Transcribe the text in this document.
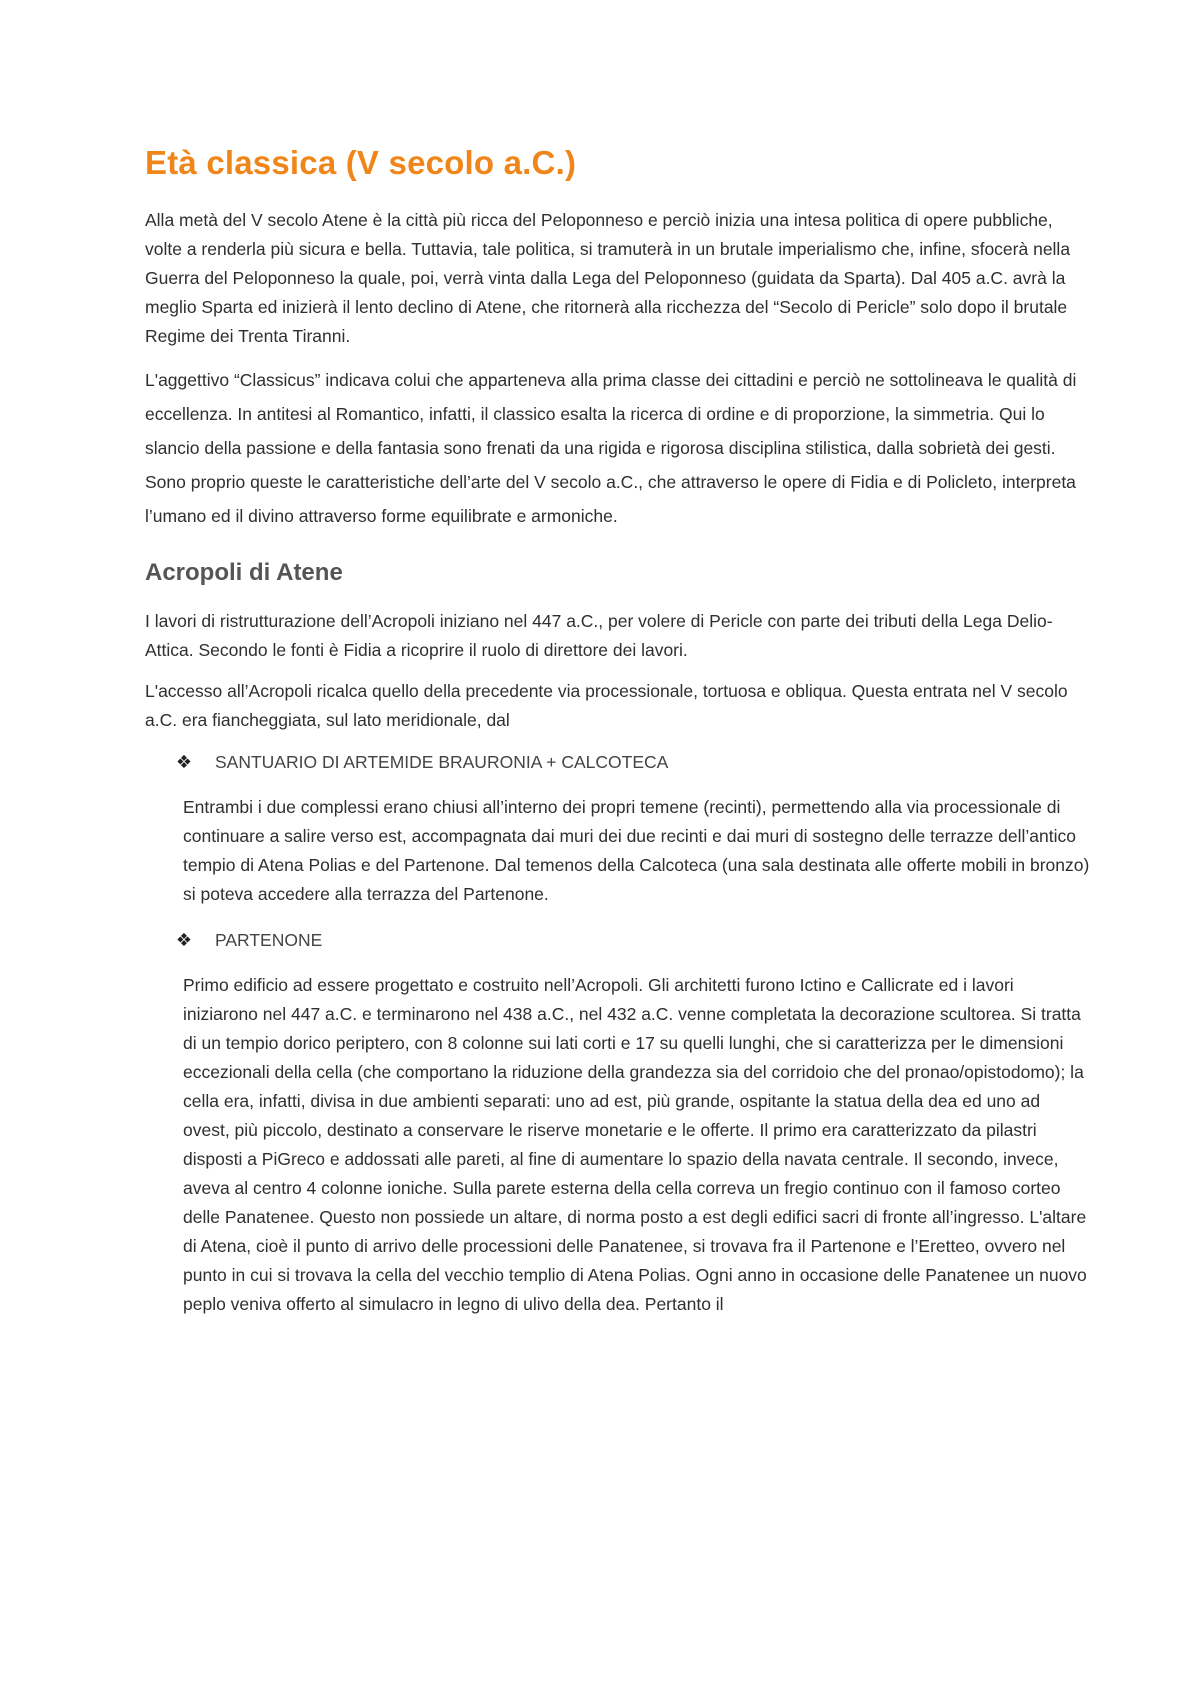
Età classica (V secolo a.C.)

Alla metà del V secolo Atene è la città più ricca del Peloponneso e perciò inizia una intesa politica di opere pubbliche, volte a renderla più sicura e bella. Tuttavia, tale politica, si tramuterà in un brutale imperialismo che, infine, sfocerà nella Guerra del Peloponneso la quale, poi, verrà vinta dalla Lega del Peloponneso (guidata da Sparta). Dal 405 a.C. avrà la meglio Sparta ed inizierà il lento declino di Atene, che ritornerà alla ricchezza del “Secolo di Pericle” solo dopo il brutale Regime dei Trenta Tiranni.

L'aggettivo “Classicus” indicava colui che apparteneva alla prima classe dei cittadini e perciò ne sottolineava le qualità di eccellenza. In antitesi al Romantico, infatti, il classico esalta la ricerca di ordine e di proporzione, la simmetria. Qui lo slancio della passione e della fantasia sono frenati da una rigida e rigorosa disciplina stilistica, dalla sobrietà dei gesti. Sono proprio queste le caratteristiche dell’arte del V secolo a.C., che attraverso le opere di Fidia e di Policleto, interpreta l’umano ed il divino attraverso forme equilibrate e armoniche.

Acropoli di Atene

I lavori di ristrutturazione dell’Acropoli iniziano nel 447 a.C., per volere di Pericle con parte dei tributi della Lega Delio-Attica. Secondo le fonti è Fidia a ricoprire il ruolo di direttore dei lavori.

L'accesso all’Acropoli ricalca quello della precedente via processionale, tortuosa e obliqua. Questa entrata nel V secolo a.C. era fiancheggiata, sul lato meridionale, dal

❖ SANTUARIO DI ARTEMIDE BRAURONIA + CALCOTECA

Entrambi i due complessi erano chiusi all’interno dei propri temene (recinti), permettendo alla via processionale di continuare a salire verso est, accompagnata dai muri dei due recinti e dai muri di sostegno delle terrazze dell’antico tempio di Atena Polias e del Partenone. Dal temenos della Calcoteca (una sala destinata alle offerte mobili in bronzo) si poteva accedere alla terrazza del Partenone.

❖ PARTENONE

Primo edificio ad essere progettato e costruito nell’Acropoli. Gli architetti furono Ictino e Callicrate ed i lavori iniziarono nel 447 a.C. e terminarono nel 438 a.C., nel 432 a.C. venne completata la decorazione scultorea. Si tratta di un tempio dorico periptero, con 8 colonne sui lati corti e 17 su quelli lunghi, che si caratterizza per le dimensioni eccezionali della cella (che comportano la riduzione della grandezza sia del corridoio che del pronao/opistodomo); la cella era, infatti, divisa in due ambienti separati: uno ad est, più grande, ospitante la statua della dea ed uno ad ovest, più piccolo, destinato a conservare le riserve monetarie e le offerte. Il primo era caratterizzato da pilastri disposti a PiGreco e addossati alle pareti, al fine di aumentare lo spazio della navata centrale. Il secondo, invece, aveva al centro 4 colonne ioniche. Sulla parete esterna della cella correva un fregio continuo con il famoso corteo delle Panatenee. Questo non possiede un altare, di norma posto a est degli edifici sacri di fronte all’ingresso. L'altare di Atena, cioè il punto di arrivo delle processioni delle Panatenee, si trovava fra il Partenone e l’Eretteo, ovvero nel punto in cui si trovava la cella del vecchio templio di Atena Polias. Ogni anno in occasione delle Panatenee un nuovo peplo veniva offerto al simulacro in legno di ulivo della dea. Pertanto il
